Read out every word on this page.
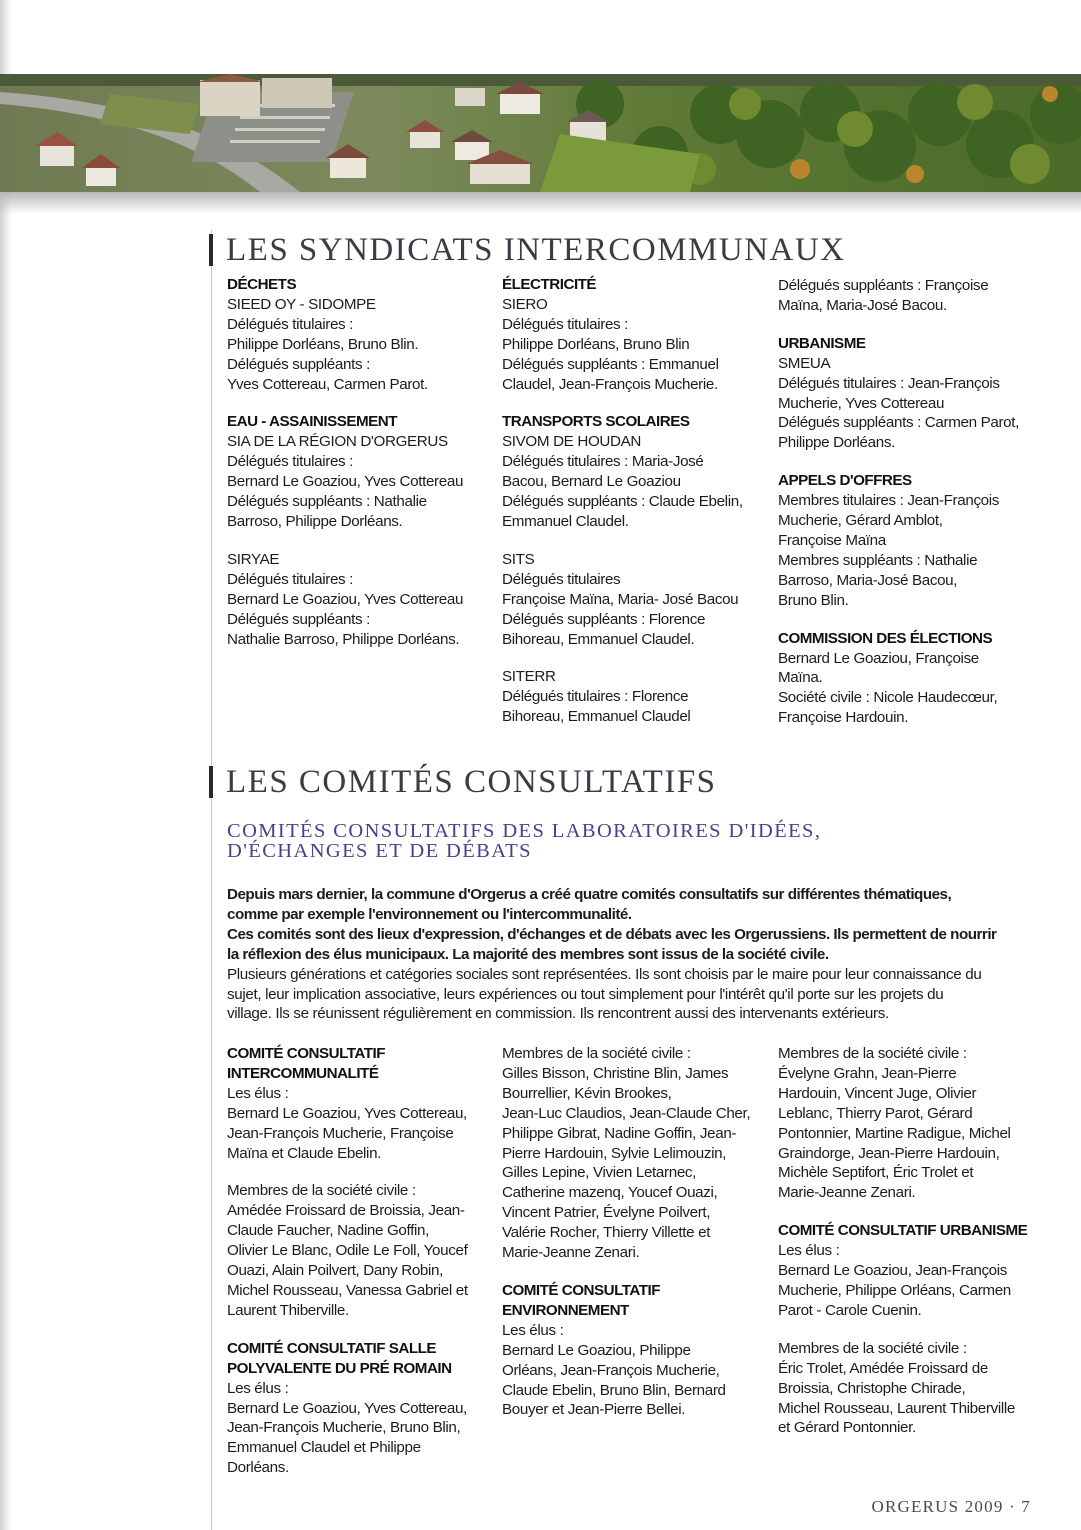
LES SYNDICATS INTERCOMMUNAUX

DÉCHETS

SIEED OY - SIDOMPE

Délégués titulaires :

Philippe Dorléans, Bruno Blin.

Délégués suppléants :

Yves Cottereau, Carmen Parot.

EAU - ASSAINISSEMENT

SIA DE LA RÉGION D'ORGERUS

Délégués titulaires :

Bernard Le Goaziou, Yves Cottereau

Délégués suppléants : Nathalie

Barroso, Philippe Dorléans.

SIRYAE

Délégués titulaires :

Bernard Le Goaziou, Yves Cottereau

Délégués suppléants :

Nathalie Barroso, Philippe Dorléans.

ÉLECTRICITÉ

SIERO

Délégués titulaires :

Philippe Dorléans, Bruno Blin

Délégués suppléants : Emmanuel

Claudel, Jean-François Mucherie.

TRANSPORTS SCOLAIRES

SIVOM DE HOUDAN

Délégués titulaires : Maria-José

Bacou, Bernard Le Goaziou

Délégués suppléants : Claude Ebelin,

Emmanuel Claudel.

SITS

Délégués titulaires

Françoise Maïna, Maria- José Bacou

Délégués suppléants : Florence

Bihoreau, Emmanuel Claudel.

SITERR

Délégués titulaires : Florence

Bihoreau, Emmanuel Claudel

Délégués suppléants : Françoise

Maïna, Maria-José Bacou.

URBANISME

SMEUA

Délégués titulaires : Jean-François

Mucherie, Yves Cottereau

Délégués suppléants : Carmen Parot,

Philippe Dorléans.

APPELS D'OFFRES

Membres titulaires : Jean-François

Mucherie, Gérard Amblot,

Françoise Maïna

Membres suppléants : Nathalie

Barroso, Maria-José Bacou,

Bruno Blin.

COMMISSION DES ÉLECTIONS

Bernard Le Goaziou, Françoise

Maïna.

Société civile : Nicole Haudecœur,

Françoise Hardouin.

LES COMITÉS CONSULTATIFS
COMITÉS CONSULTATIFS DES LABORATOIRES D'IDÉES,
D'ÉCHANGES ET DE DÉBATS

Depuis mars dernier, la commune d'Orgerus a créé quatre comités consultatifs sur différentes thématiques,

comme par exemple l'environnement ou l'intercommunalité.

Ces comités sont des lieux d'expression, d'échanges et de débats avec les Orgerussiens. Ils permettent de nourrir

la réflexion des élus municipaux. La majorité des membres sont issus de la société civile.

Plusieurs générations et catégories sociales sont représentées. Ils sont choisis par le maire pour leur connaissance du

sujet, leur implication associative, leurs expériences ou tout simplement pour l'intérêt qu'il porte sur les projets du

village. Ils se réunissent régulièrement en commission. Ils rencontrent aussi des intervenants extérieurs.

COMITÉ CONSULTATIF

INTERCOMMUNALITÉ

Les élus :

Bernard Le Goaziou, Yves Cottereau,

Jean-François Mucherie, Françoise

Maïna et Claude Ebelin.

Membres de la société civile :

Amédée Froissard de Broissia, Jean-

Claude Faucher, Nadine Goffin,

Olivier Le Blanc, Odile Le Foll, Youcef

Ouazi, Alain Poilvert, Dany Robin,

Michel Rousseau, Vanessa Gabriel et

Laurent Thiberville.

COMITÉ CONSULTATIF SALLE

POLYVALENTE DU PRÉ ROMAIN

Les élus :

Bernard Le Goaziou, Yves Cottereau,

Jean-François Mucherie, Bruno Blin,

Emmanuel Claudel et Philippe

Dorléans.

Membres de la société civile :

Gilles Bisson, Christine Blin, James

Bourrellier, Kévin Brookes,

Jean-Luc Claudios, Jean-Claude Cher,

Philippe Gibrat, Nadine Goffin, Jean-

Pierre Hardouin, Sylvie Lelimouzin,

Gilles Lepine, Vivien Letarnec,

Catherine mazenq, Youcef Ouazi,

Vincent Patrier, Évelyne Poilvert,

Valérie Rocher, Thierry Villette et

Marie-Jeanne Zenari.

COMITÉ CONSULTATIF

ENVIRONNEMENT

Les élus :

Bernard Le Goaziou, Philippe

Orléans, Jean-François Mucherie,

Claude Ebelin, Bruno Blin, Bernard

Bouyer et Jean-Pierre Bellei.

Membres de la société civile :

Évelyne Grahn, Jean-Pierre

Hardouin, Vincent Juge, Olivier

Leblanc, Thierry Parot, Gérard

Pontonnier, Martine Radigue, Michel

Graindorge, Jean-Pierre Hardouin,

Michèle Septifort, Éric Trolet et

Marie-Jeanne Zenari.

COMITÉ CONSULTATIF URBANISME

Les élus :

Bernard Le Goaziou, Jean-François

Mucherie, Philippe Orléans, Carmen

Parot - Carole Cuenin.

Membres de la société civile :

Éric Trolet, Amédée Froissard de

Broissia, Christophe Chirade,

Michel Rousseau, Laurent Thiberville

et Gérard Pontonnier.

ORGERUS 2009 · 7
